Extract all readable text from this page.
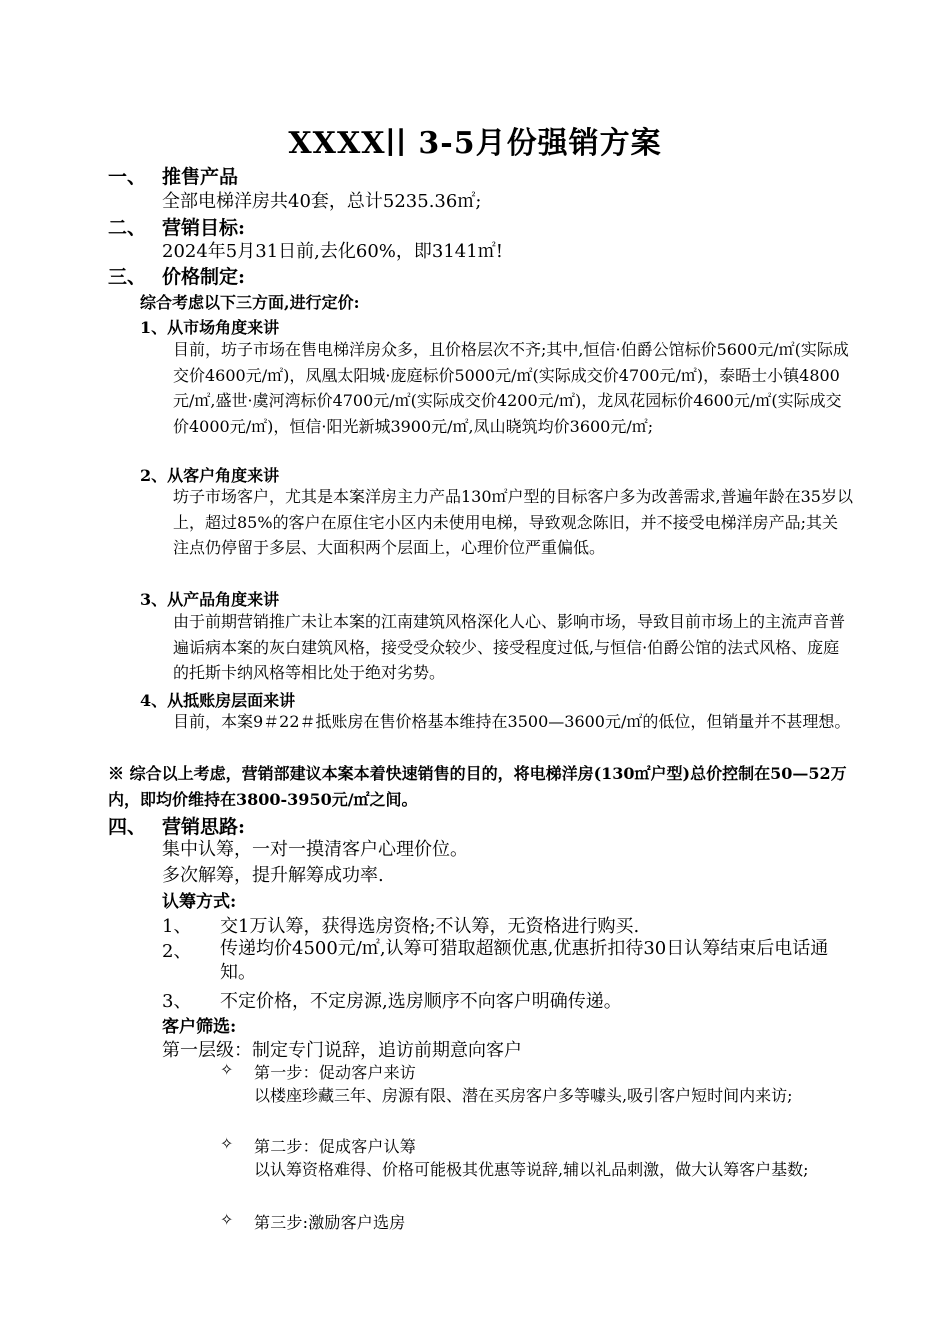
XXXX∣∣ 3-5月份强销方案
一、 推售产品
全部电梯洋房共40套，总计5235.36㎡;
二、 营销目标:
2024年5月31日前,去化60%，即3141㎡!
三、 价格制定:
综合考虑以下三方面,进行定价:
1、从市场角度来讲
目前，坊子市场在售电梯洋房众多，且价格层次不齐;其中,恒信·伯爵公馆标价5600元/㎡(实际成交价4600元/㎡)，凤凰太阳城·庞庭标价5000元/㎡(实际成交价4700元/㎡)，泰晤士小镇4800元/㎡,盛世·虞河湾标价4700元/㎡(实际成交价4200元/㎡)，龙凤花园标价4600元/㎡(实际成交价4000元/㎡)，恒信·阳光新城3900元/㎡,凤山晓筑均价3600元/㎡;
2、从客户角度来讲
坊子市场客户，尤其是本案洋房主力产品130㎡户型的目标客户多为改善需求,普遍年龄在35岁以上，超过85%的客户在原住宅小区内未使用电梯，导致观念陈旧，并不接受电梯洋房产品;其关注点仍停留于多层、大面积两个层面上，心理价位严重偏低。
3、从产品角度来讲
由于前期营销推广未让本案的江南建筑风格深化人心、影响市场，导致目前市场上的主流声音普遍诟病本案的灰白建筑风格，接受受众较少、接受程度过低,与恒信·伯爵公馆的法式风格、庞庭的托斯卡纳风格等相比处于绝对劣势。
4、从抵账房层面来讲
目前，本案9＃22＃抵账房在售价格基本维持在3500—3600元/㎡的低位，但销量并不甚理想。
※ 综合以上考虑，营销部建议本案本着快速销售的目的，将电梯洋房(130㎡户型)总价控制在50—52万内，即均价维持在3800-3950元/㎡之间。
四、 营销思路:
集中认筹，一对一摸清客户心理价位。
多次解筹，提升解筹成功率.
认筹方式:
1、 交1万认筹，获得选房资格;不认筹，无资格进行购买.
2、 传递均价4500元/㎡,认筹可猎取超额优惠,优惠折扣待30日认筹结束后电话通知。
3、 不定价格，不定房源,选房顺序不向客户明确传递。
客户筛选:
第一层级：制定专门说辞，追访前期意向客户
✧ 第一步：促动客户来访
以楼座珍藏三年、房源有限、潜在买房客户多等噱头,吸引客户短时间内来访;
✧ 第二步：促成客户认筹
以认筹资格难得、价格可能极其优惠等说辞,辅以礼品刺激，做大认筹客户基数;
✧ 第三步:激励客户选房
